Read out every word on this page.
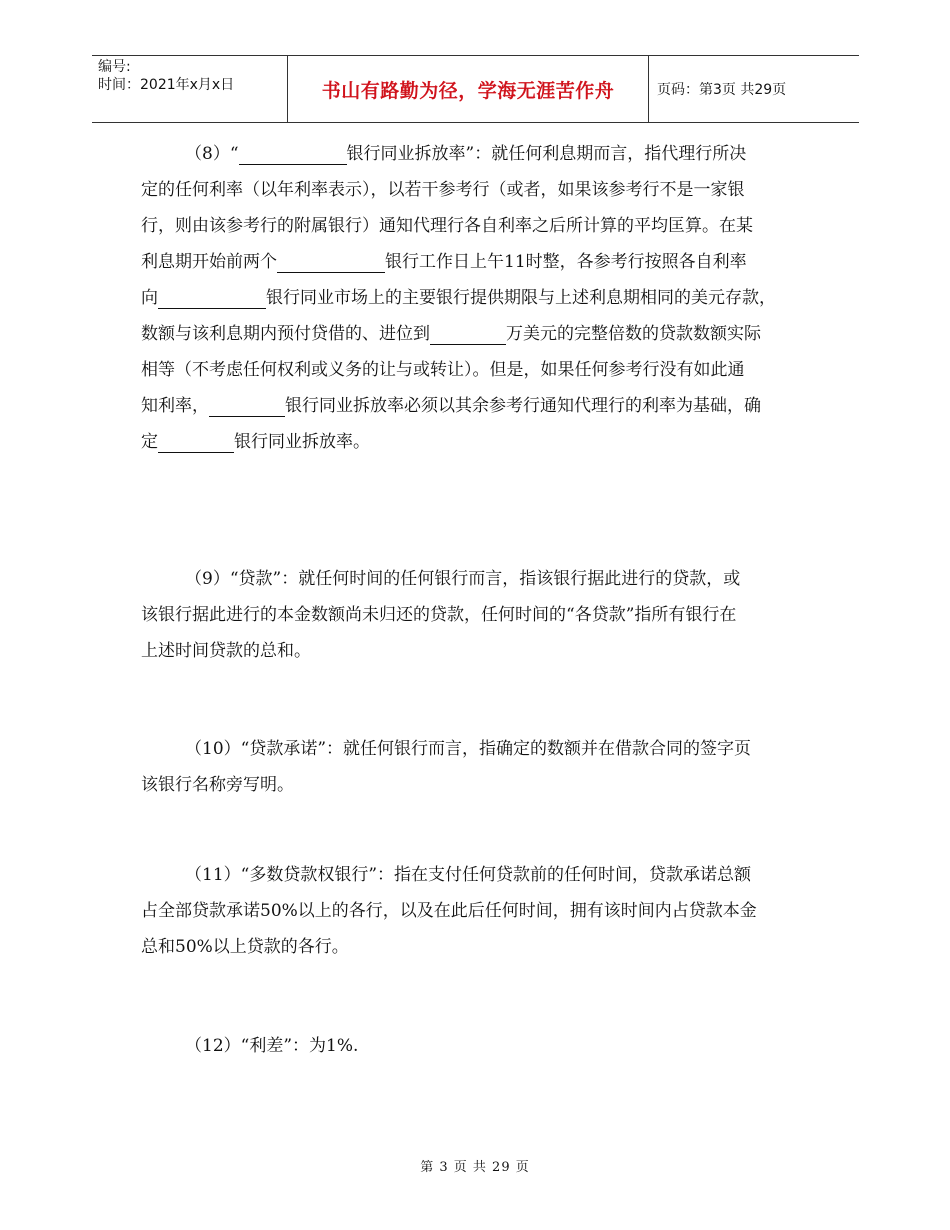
编号:
时间：2021年x月x日	书山有路勤为径，学海无涯苦作舟	页码：第3页 共29页
（8）“	银行同业拆放率”：就任何利息期而言，指代理行所决
定的任何利率（以年利率表示），以若干参考行（或者，如果该参考行不是一家银
行，则由该参考行的附属银行）通知代理行各自利率之后所计算的平均匡算。在某
利息期开始前两个	银行工作日上午11时整，各参考行按照各自利率
向	银行同业市场上的主要银行提供期限与上述利息期相同的美元存款，
数额与该利息期内预付贷借的、进位到	万美元的完整倍数的贷款数额实际
相等（不考虑任何权利或义务的让与或转让）。但是，如果任何参考行没有如此通
知利率，	银行同业拆放率必须以其余参考行通知代理行的利率为基础，确
定	银行同业拆放率。
（9）“贷款”：就任何时间的任何银行而言，指该银行据此进行的贷款，或
该银行据此进行的本金数额尚未归还的贷款，任何时间的“各贷款”指所有银行在
上述时间贷款的总和。
（10）“贷款承诺”：就任何银行而言，指确定的数额并在借款合同的签字页
该银行名称旁写明。
（11）“多数贷款权银行”：指在支付任何贷款前的任何时间，贷款承诺总额
占全部贷款承诺50%以上的各行，以及在此后任何时间，拥有该时间内占贷款本金
总和50%以上贷款的各行。
（12）“利差”：为1%.
第 3 页 共 29 页
